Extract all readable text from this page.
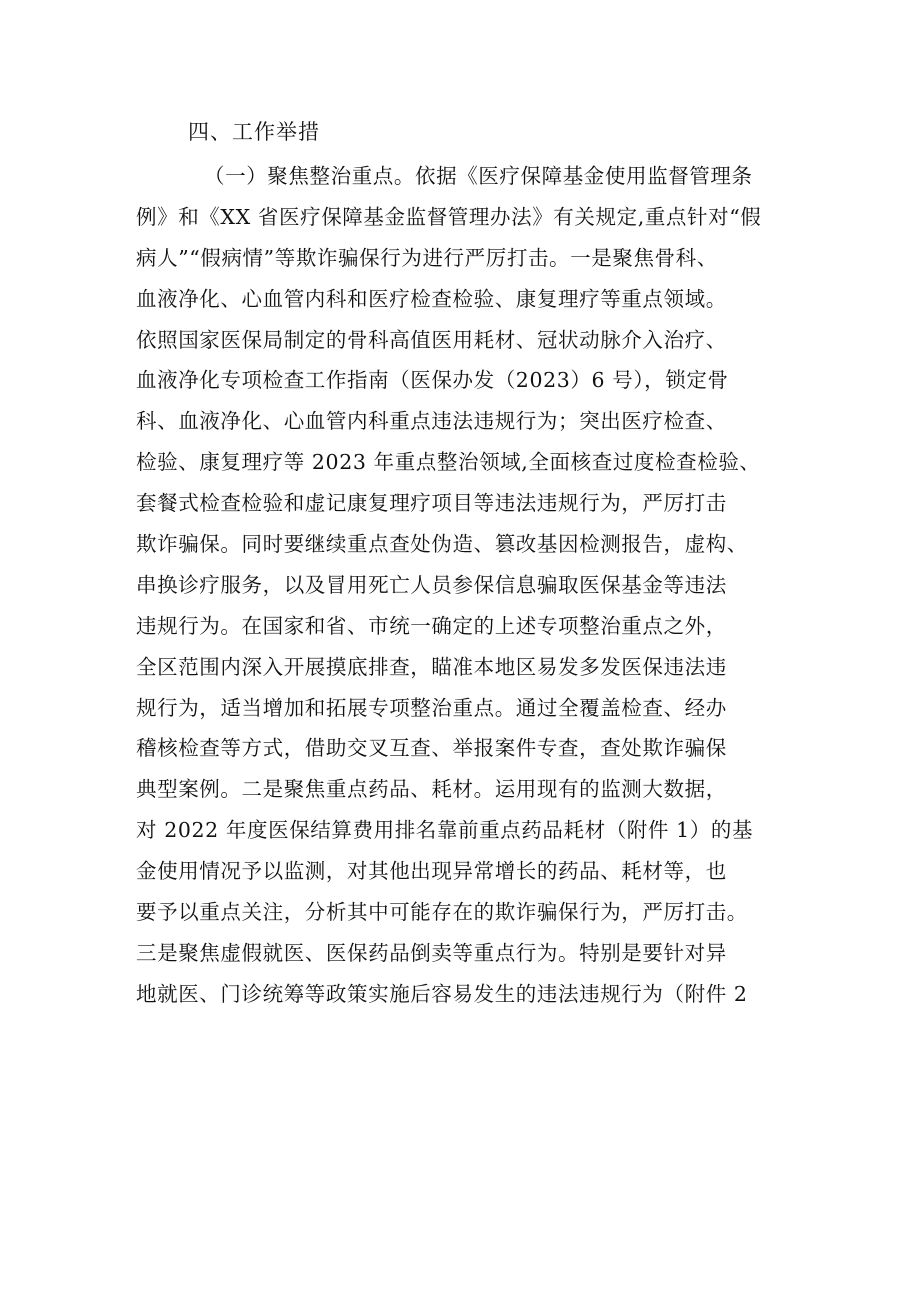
四、工作举措
（一）聚焦整治重点。依据《医疗保障基金使用监督管理条
例》和《XX 省医疗保障基金监督管理办法》有关规定,重点针对“假
病人”“假病情”等欺诈骗保行为进行严厉打击。一是聚焦骨科、
血液净化、心血管内科和医疗检查检验、康复理疗等重点领域。
依照国家医保局制定的骨科高值医用耗材、冠状动脉介入治疗、
血液净化专项检查工作指南（医保办发（2023）6 号），锁定骨
科、血液净化、心血管内科重点违法违规行为；突出医疗检查、
检验、康复理疗等 2023 年重点整治领域,全面核查过度检查检验、
套餐式检查检验和虚记康复理疗项目等违法违规行为，严厉打击
欺诈骗保。同时要继续重点查处伪造、篡改基因检测报告，虚构、
串换诊疗服务，以及冒用死亡人员参保信息骗取医保基金等违法
违规行为。在国家和省、市统一确定的上述专项整治重点之外，
全区范围内深入开展摸底排查，瞄准本地区易发多发医保违法违
规行为，适当增加和拓展专项整治重点。通过全覆盖检查、经办
稽核检查等方式，借助交叉互查、举报案件专查，查处欺诈骗保
典型案例。二是聚焦重点药品、耗材。运用现有的监测大数据，
对 2022 年度医保结算费用排名靠前重点药品耗材（附件 1）的基
金使用情况予以监测，对其他出现异常增长的药品、耗材等，也
要予以重点关注，分析其中可能存在的欺诈骗保行为，严厉打击。
三是聚焦虚假就医、医保药品倒卖等重点行为。特别是要针对异
地就医、门诊统筹等政策实施后容易发生的违法违规行为（附件 2
